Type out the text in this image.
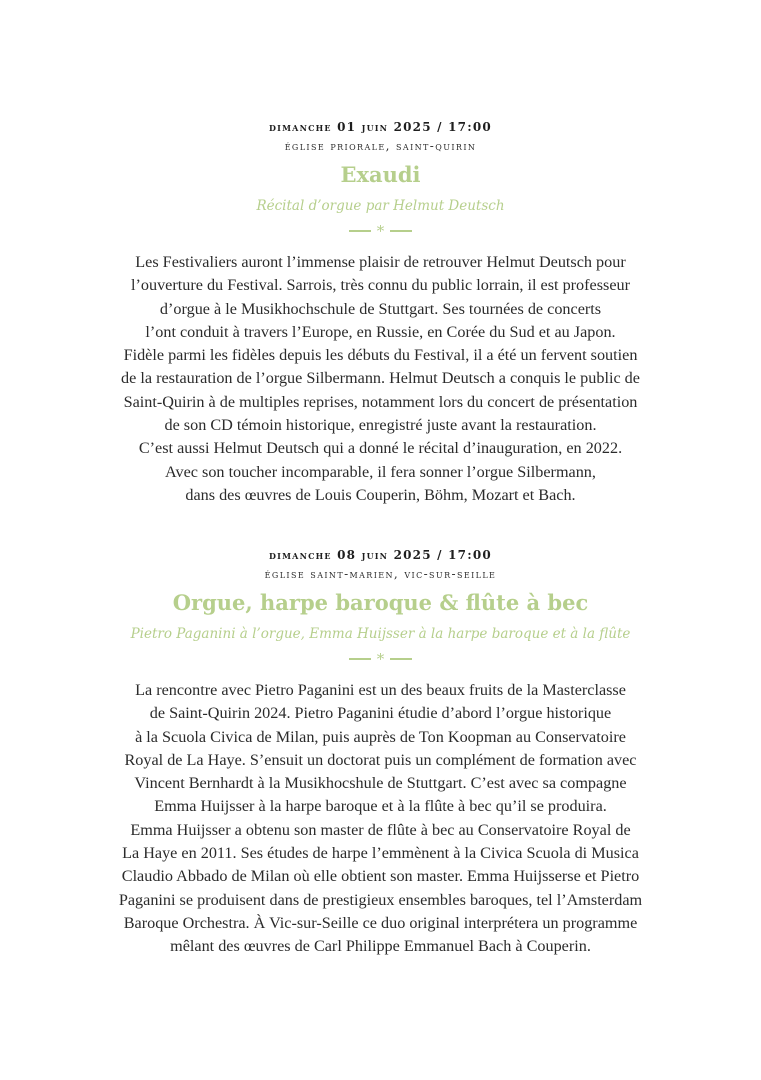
dimanche 01 juin 2025 / 17:00
église priorale, saint-quirin
Exaudi
Récital d’orgue par Helmut Deutsch
*
Les Festivaliers auront l’immense plaisir de retrouver Helmut Deutsch pour
l’ouverture du Festival. Sarrois, très connu du public lorrain, il est professeur
d’orgue à le Musikhochschule de Stuttgart. Ses tournées de concerts
l’ont conduit à travers l’Europe, en Russie, en Corée du Sud et au Japon.
Fidèle parmi les fidèles depuis les débuts du Festival, il a été un fervent soutien
de la restauration de l’orgue Silbermann. Helmut Deutsch a conquis le public de
Saint-Quirin à de multiples reprises, notamment lors du concert de présentation
de son CD témoin historique, enregistré juste avant la restauration.
C’est aussi Helmut Deutsch qui a donné le récital d’inauguration, en 2022.
Avec son toucher incomparable, il fera sonner l’orgue Silbermann,
dans des œuvres de Louis Couperin, Böhm, Mozart et Bach.
dimanche 08 juin 2025 / 17:00
église saint-marien, vic-sur-seille
Orgue, harpe baroque & flûte à bec
Pietro Paganini à l’orgue, Emma Huijsser à la harpe baroque et à la flûte
*
La rencontre avec Pietro Paganini est un des beaux fruits de la Masterclasse
de Saint-Quirin 2024. Pietro Paganini étudie d’abord l’orgue historique
à la Scuola Civica de Milan, puis auprès de Ton Koopman au Conservatoire
Royal de La Haye. S’ensuit un doctorat puis un complément de formation avec
Vincent Bernhardt à la Musikhocshule de Stuttgart. C’est avec sa compagne
Emma Huijsser à la harpe baroque et à la flûte à bec qu’il se produira.
Emma Huijsser a obtenu son master de flûte à bec au Conservatoire Royal de
La Haye en 2011. Ses études de harpe l’emmènent à la Civica Scuola di Musica
Claudio Abbado de Milan où elle obtient son master. Emma Huijsserse et Pietro
Paganini se produisent dans de prestigieux ensembles baroques, tel l’Amsterdam
Baroque Orchestra. À Vic-sur-Seille ce duo original interprétera un programme
mêlant des œuvres de Carl Philippe Emmanuel Bach à Couperin.
